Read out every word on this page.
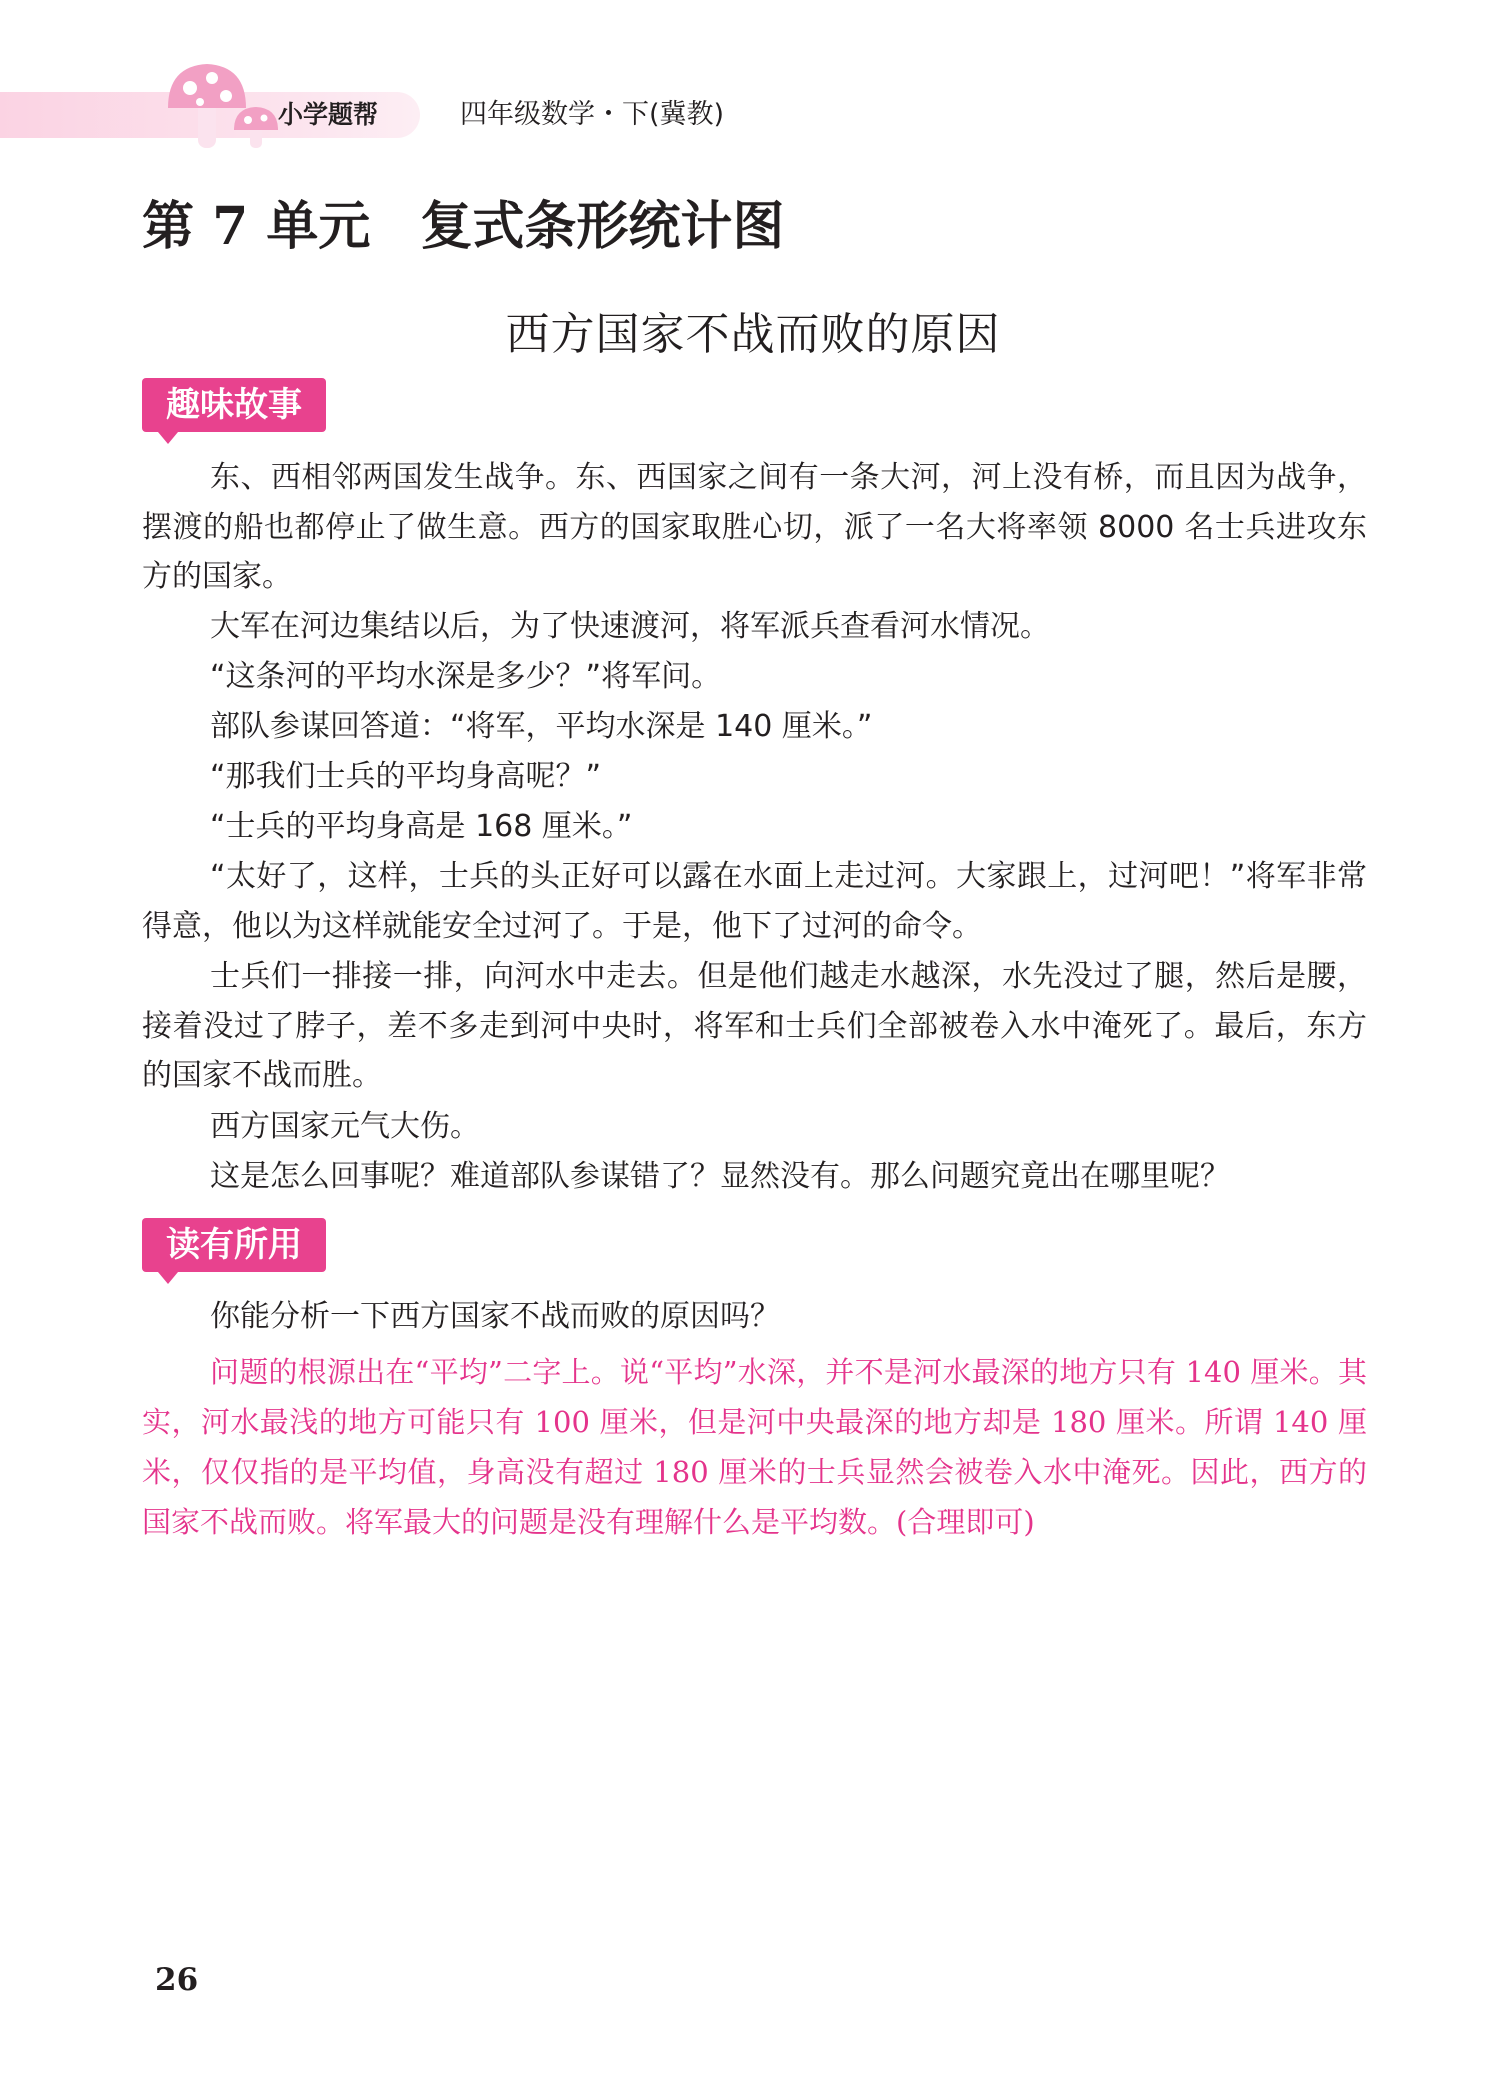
小学题帮	四年级数学・下(冀教)
第 7 单元 复式条形统计图
西方国家不战而败的原因
趣味故事

东、西相邻两国发生战争。东、西国家之间有一条大河，河上没有桥，而且因为战争，摆渡的船也都停止了做生意。西方的国家取胜心切，派了一名大将率领 8000 名士兵进攻东方的国家。

大军在河边集结以后，为了快速渡河，将军派兵查看河水情况。

“这条河的平均水深是多少？”将军问。

部队参谋回答道：“将军，平均水深是 140 厘米。”

“那我们士兵的平均身高呢？”

“士兵的平均身高是 168 厘米。”

“太好了，这样，士兵的头正好可以露在水面上走过河。大家跟上，过河吧！”将军非常得意，他以为这样就能安全过河了。于是，他下了过河的命令。

士兵们一排接一排，向河水中走去。但是他们越走水越深，水先没过了腿，然后是腰，接着没过了脖子，差不多走到河中央时，将军和士兵们全部被卷入水中淹死了。最后，东方的国家不战而胜。

西方国家元气大伤。

这是怎么回事呢？难道部队参谋错了？显然没有。那么问题究竟出在哪里呢？

读有所用

你能分析一下西方国家不战而败的原因吗？

问题的根源出在“平均”二字上。说“平均”水深，并不是河水最深的地方只有 140 厘米。其实，河水最浅的地方可能只有 100 厘米，但是河中央最深的地方却是 180 厘米。所谓 140 厘米，仅仅指的是平均值，身高没有超过 180 厘米的士兵显然会被卷入水中淹死。因此，西方的国家不战而败。将军最大的问题是没有理解什么是平均数。(合理即可)

26
